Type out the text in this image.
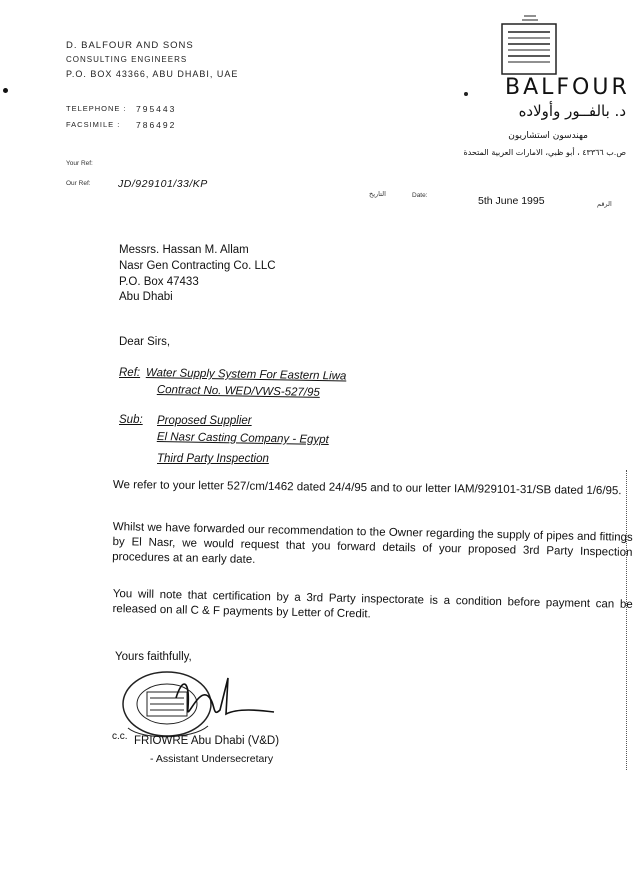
D. BALFOUR AND SONS
CONSULTING ENGINEERS
P.O. BOX 43366, ABU DHABI, UAE
TELEPHONE : 795443
FACSIMILE : 786492
BALFOUR
د. بالفــور وأولاده
مهندسون استشاريون
ص.ب ٤٣٣٦٦ ، أبو ظبي، الامارات العربية المتحدة
Your Ref:
Our Ref:	JD/929101/33/KP
التاريخ	Date:	5th June 1995	الرقم
Messrs. Hassan M. Allam
Nasr Gen Contracting Co. LLC
P.O. Box 47433
Abu Dhabi
Dear Sirs,
Ref: Water Supply System For Eastern Liwa
Contract No. WED/VWS-527/95
Sub: Proposed Supplier
El Nasr Casting Company - Egypt
Third Party Inspection
We refer to your letter 527/cm/1462 dated 24/4/95 and to our letter IAM/929101-31/SB dated 1/6/95.
Whilst we have forwarded our recommendation to the Owner regarding the supply of pipes and fittings by El Nasr, we would request that you forward details of your proposed 3rd Party Inspection procedures at an early date.
You will note that certification by a 3rd Party inspectorate is a condition before payment can be released on all C & F payments by Letter of Credit.
Yours faithfully,
c.c. FRIOWRE Abu Dhabi (V&D)
- Assistant Undersecretary
